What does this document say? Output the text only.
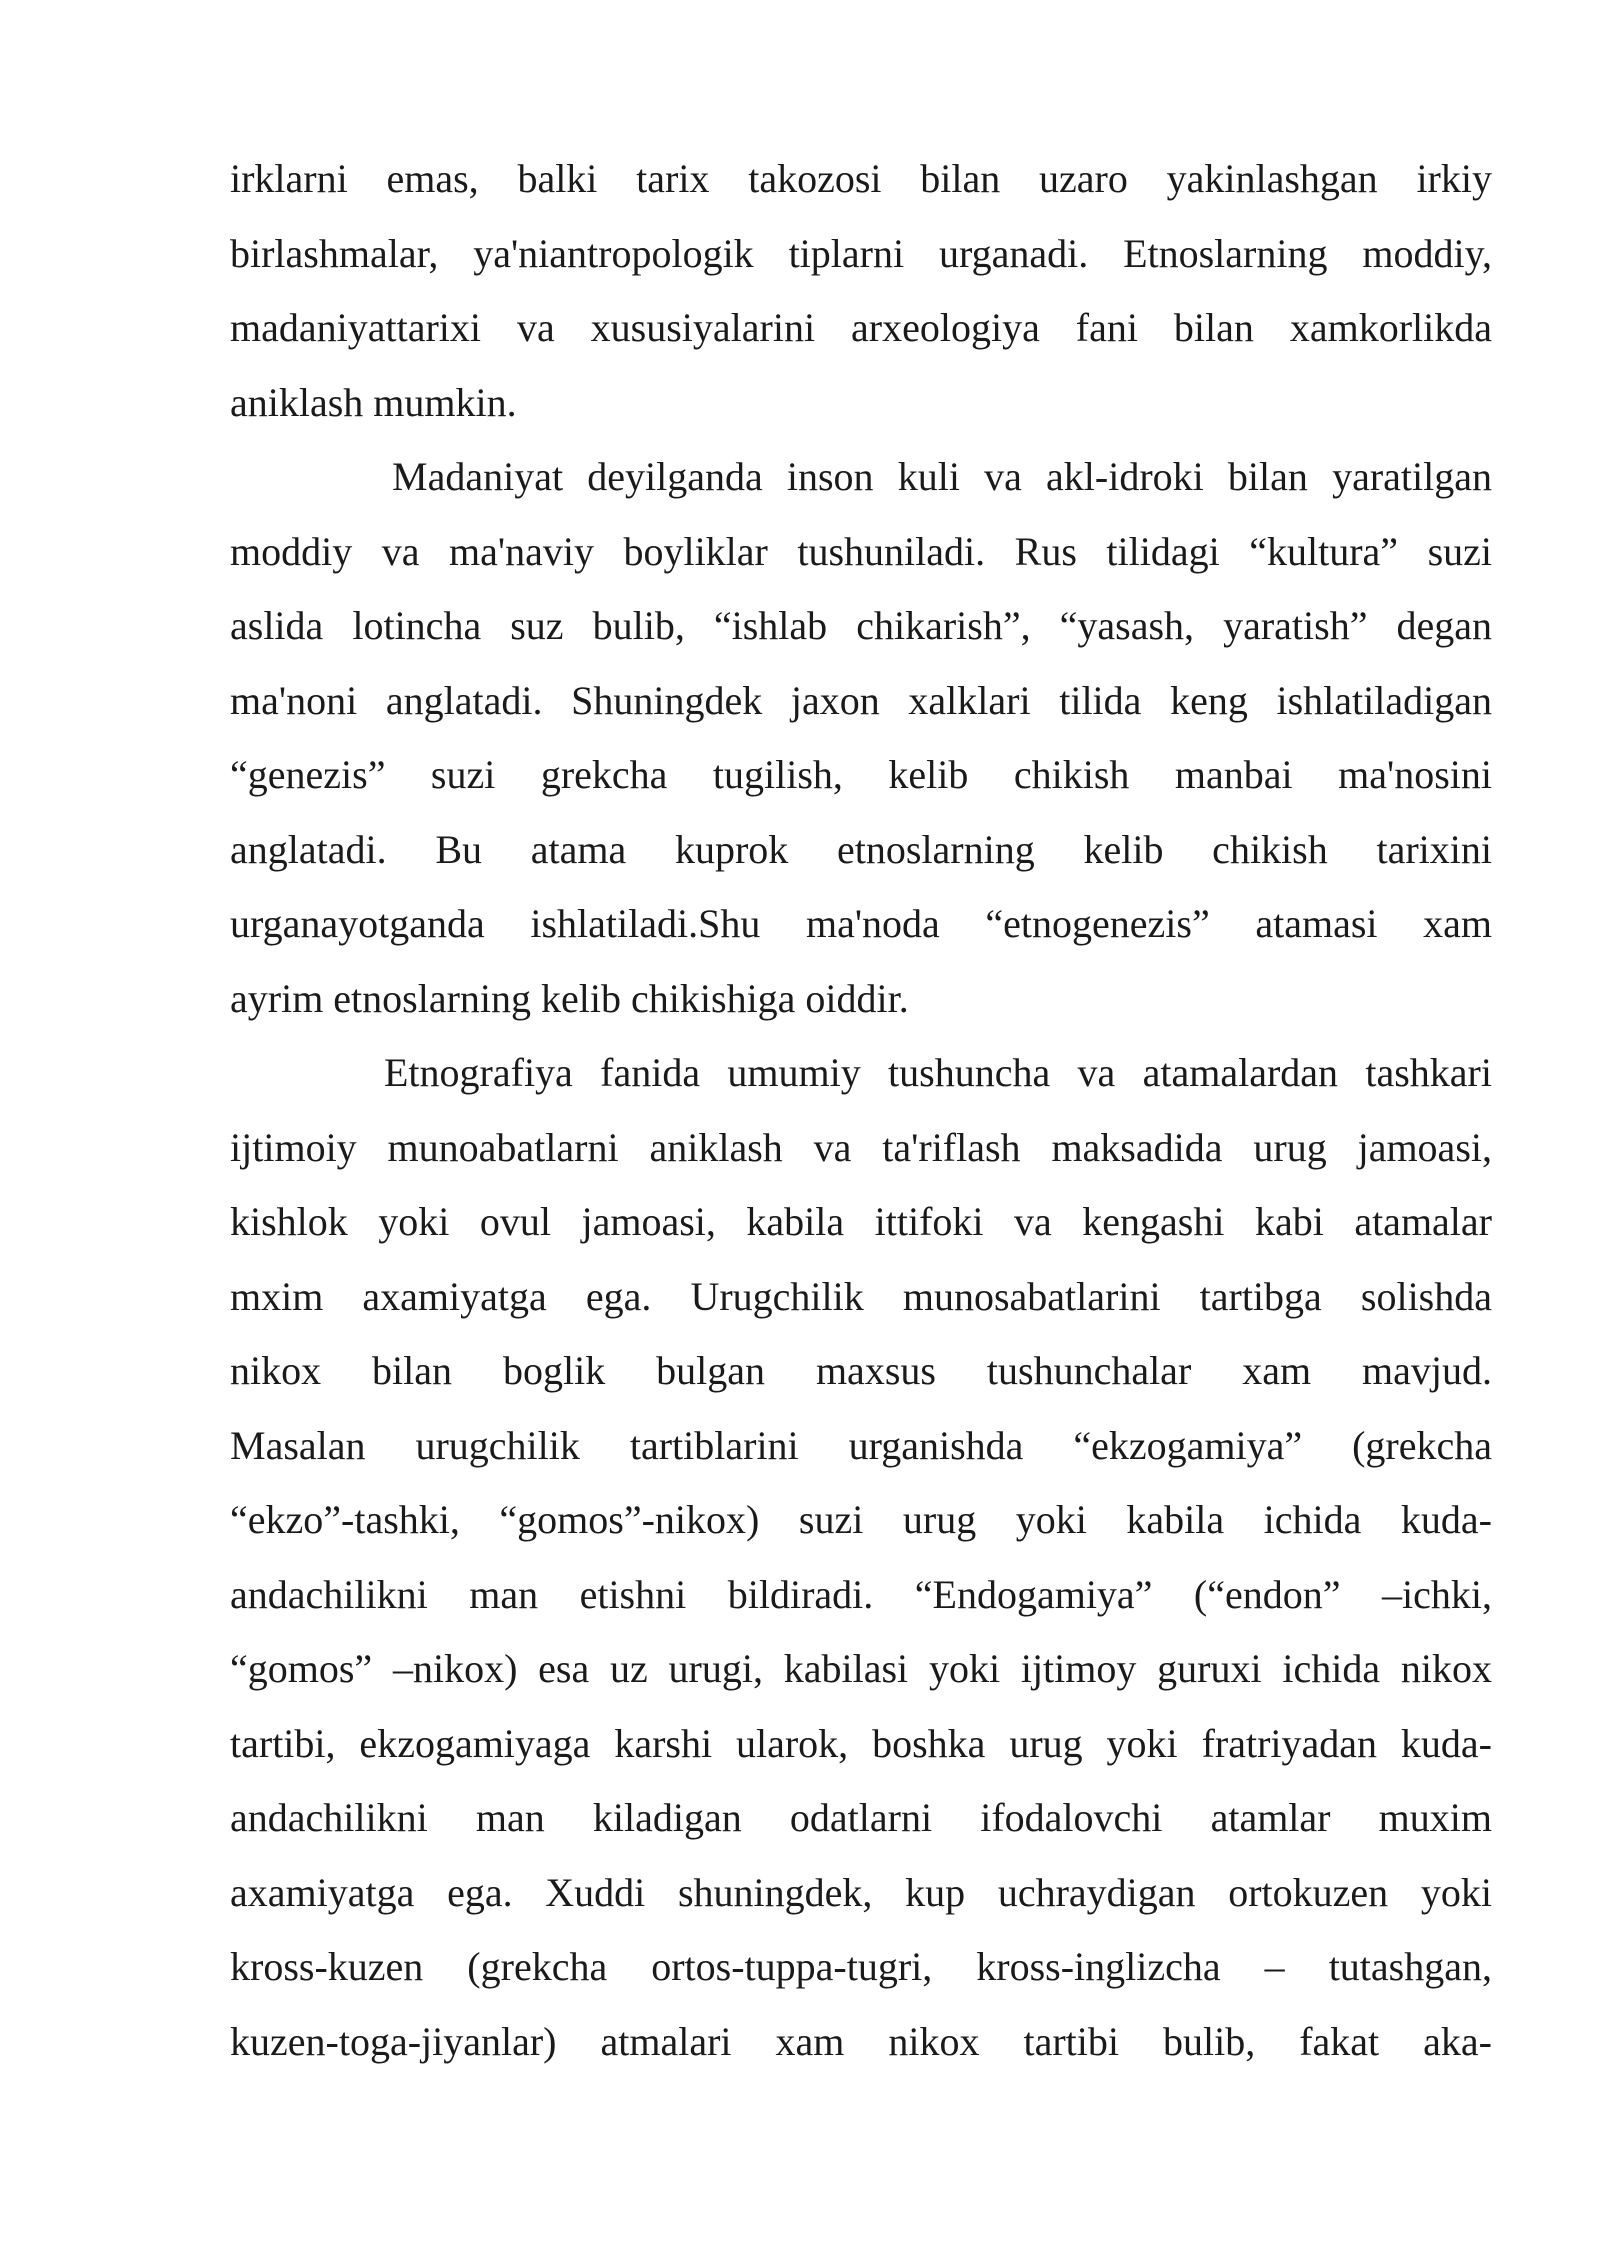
irklarni emas, balki tarix takozosi bilan uzaro yakinlashgan irkiy
birlashmalar, ya'niantropologik tiplarni urganadi. Etnoslarning moddiy,
madaniyattarixi va xususiyalarini arxeologiya fani bilan xamkorlikda
aniklash mumkin.
Madaniyat deyilganda inson kuli va akl-idroki bilan yaratilgan
moddiy va ma'naviy boyliklar tushuniladi. Rus tilidagi “kultura” suzi
aslida lotincha suz bulib, “ishlab chikarish”, “yasash, yaratish” degan
ma'noni anglatadi. Shuningdek jaxon xalklari tilida keng ishlatiladigan
“genezis” suzi grekcha tugilish, kelib chikish manbai ma'nosini
anglatadi. Bu atama kuprok etnoslarning kelib chikish tarixini
urganayotganda ishlatiladi.Shu ma'noda “etnogenezis” atamasi xam
ayrim etnoslarning kelib chikishiga oiddir.
Etnografiya fanida umumiy tushuncha va atamalardan tashkari
ijtimoiy munoabatlarni aniklash va ta'riflash maksadida urug jamoasi,
kishlok yoki ovul jamoasi, kabila ittifoki va kengashi kabi atamalar
mxim axamiyatga ega. Urugchilik munosabatlarini tartibga solishda
nikox bilan boglik bulgan maxsus tushunchalar xam mavjud.
Masalan urugchilik tartiblarini urganishda “ekzogamiya” (grekcha
“ekzo”-tashki, “gomos”-nikox) suzi urug yoki kabila ichida kuda-
andachilikni man etishni bildiradi. “Endogamiya” (“endon” –ichki,
“gomos” –nikox) esa uz urugi, kabilasi yoki ijtimoy guruxi ichida nikox
tartibi, ekzogamiyaga karshi ularok, boshka urug yoki fratriyadan kuda-
andachilikni man kiladigan odatlarni ifodalovchi atamlar muxim
axamiyatga ega. Xuddi shuningdek, kup uchraydigan ortokuzen yoki
kross-kuzen (grekcha ortos-tuppa-tugri, kross-inglizcha – tutashgan,
kuzen-toga-jiyanlar) atmalari xam nikox tartibi bulib, fakat aka-
